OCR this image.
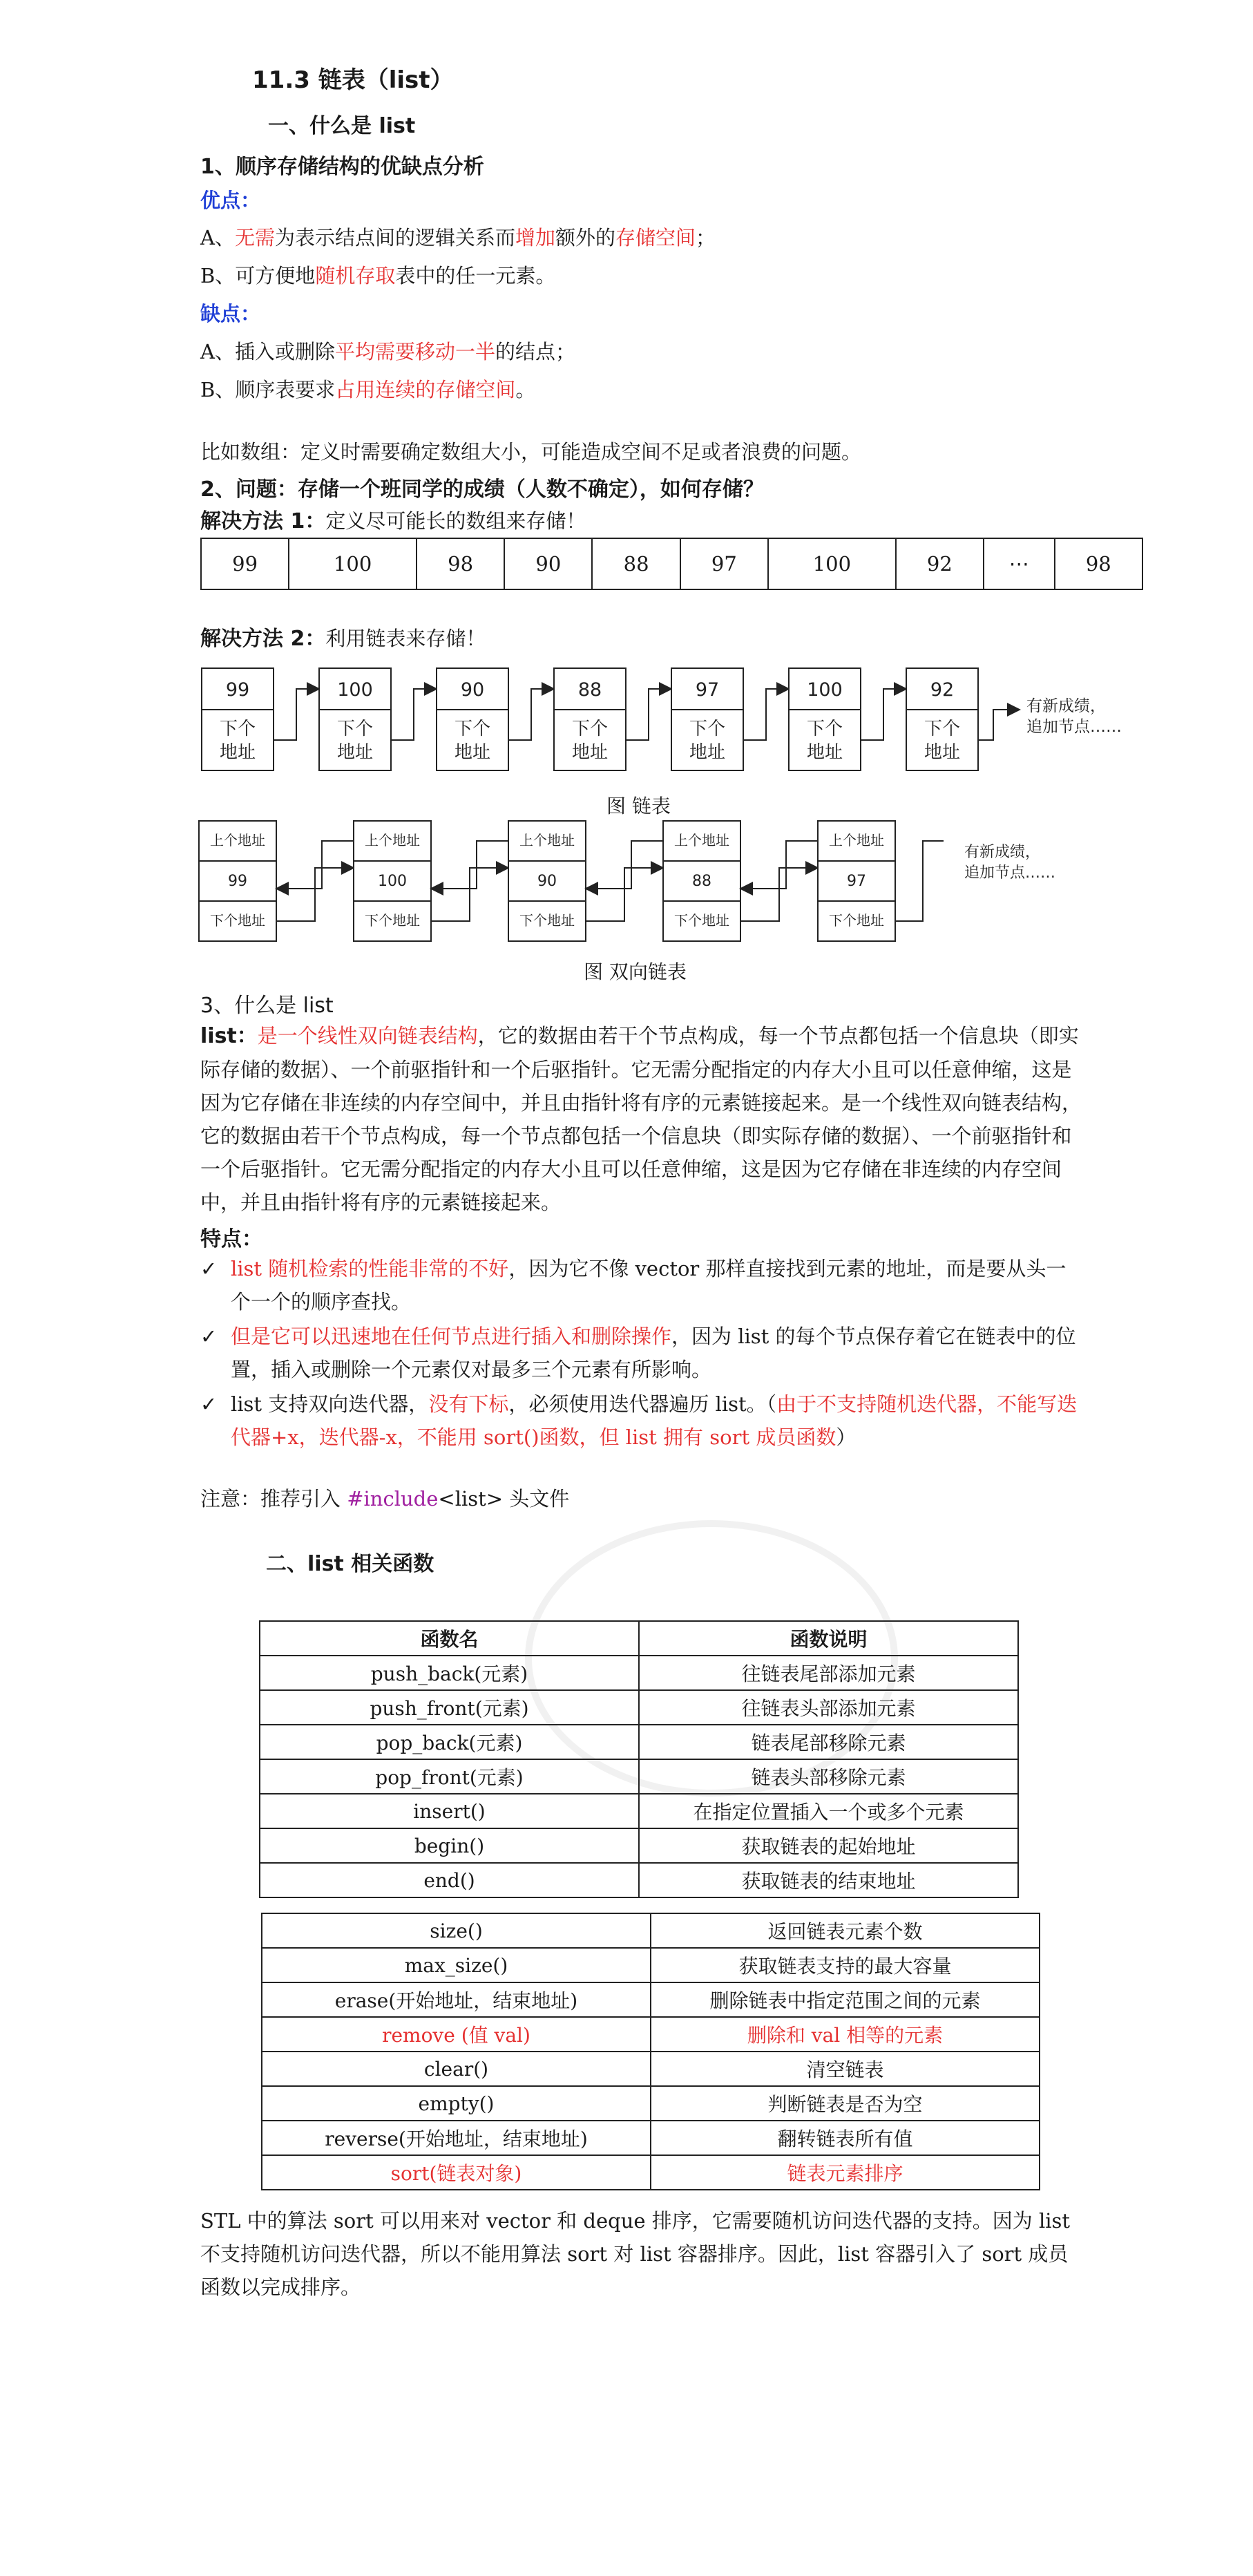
11.3 链表（list）
一、什么是 list
1、顺序存储结构的优缺点分析
优点：
A、无需为表示结点间的逻辑关系而增加额外的存储空间；
B、可方便地随机存取表中的任一元素。
缺点：
A、插入或删除平均需要移动一半的结点；
B、顺序表要求占用连续的存储空间。
比如数组：定义时需要确定数组大小，可能造成空间不足或者浪费的问题。
2、问题：存储一个班同学的成绩（人数不确定），如何存储？
解决方法 1：定义尽可能长的数组来存储！
99	100	98	90	88	97	100	92	⋯	98
解决方法 2：利用链表来存储！
99
下个
地址
100
下个
地址
90
下个
地址
88
下个
地址
97
下个
地址
100
下个
地址
92
下个
地址
有新成绩，
追加节点……
图 链表
上个地址
99
下个地址
上个地址
100
下个地址
上个地址
90
下个地址
上个地址
88
下个地址
上个地址
97
下个地址
有新成绩，
追加节点……
图 双向链表
3、什么是 list
list：是一个线性双向链表结构，它的数据由若干个节点构成，每一个节点都包括一个信息块（即实际存储的数据）、一个前驱指针和一个后驱指针。它无需分配指定的内存大小且可以任意伸缩，这是因为它存储在非连续的内存空间中，并且由指针将有序的元素链接起来。是一个线性双向链表结构，它的数据由若干个节点构成，每一个节点都包括一个信息块（即实际存储的数据）、一个前驱指针和一个后驱指针。它无需分配指定的内存大小且可以任意伸缩，这是因为它存储在非连续的内存空间中，并且由指针将有序的元素链接起来。
特点：
✓ list 随机检索的性能非常的不好，因为它不像 vector 那样直接找到元素的地址，而是要从头一个一个的顺序查找。
✓ 但是它可以迅速地在任何节点进行插入和删除操作，因为 list 的每个节点保存着它在链表中的位置，插入或删除一个元素仅对最多三个元素有所影响。
✓ list 支持双向迭代器，没有下标，必须使用迭代器遍历 list。（由于不支持随机迭代器，不能写迭代器+x，迭代器-x，不能用 sort()函数，但 list 拥有 sort 成员函数）
注意：推荐引入 #include<list> 头文件
二、list 相关函数
函数名	函数说明
push_back(元素)	往链表尾部添加元素
push_front(元素)	往链表头部添加元素
pop_back(元素)	链表尾部移除元素
pop_front(元素)	链表头部移除元素
insert()	在指定位置插入一个或多个元素
begin()	获取链表的起始地址
end()	获取链表的结束地址
size()	返回链表元素个数
max_size()	获取链表支持的最大容量
erase(开始地址，结束地址)	删除链表中指定范围之间的元素
remove (值 val)	删除和 val 相等的元素
clear()	清空链表
empty()	判断链表是否为空
reverse(开始地址，结束地址)	翻转链表所有值
sort(链表对象)	链表元素排序
STL 中的算法 sort 可以用来对 vector 和 deque 排序，它需要随机访问迭代器的支持。因为 list 不支持随机访问迭代器，所以不能用算法 sort 对 list 容器排序。因此，list 容器引入了 sort 成员函数以完成排序。
